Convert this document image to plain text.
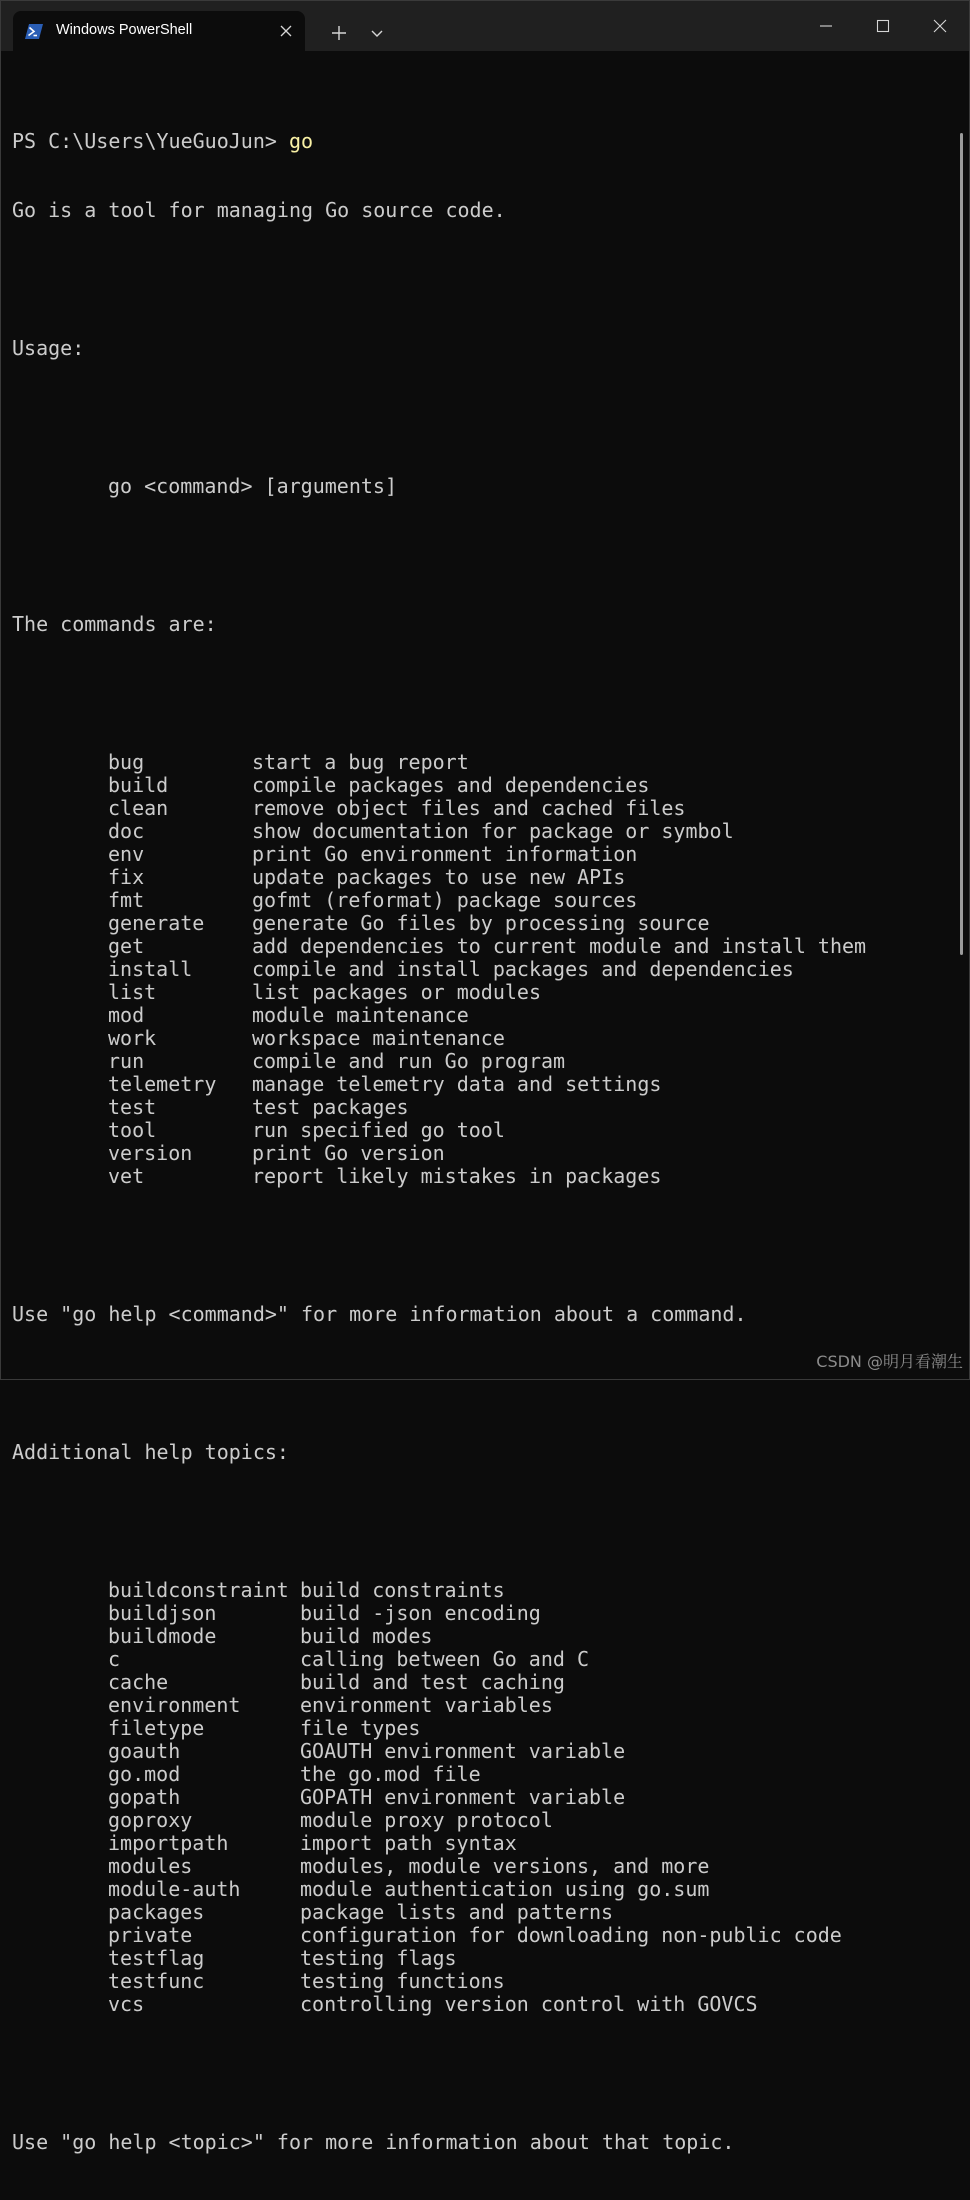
Windows PowerShell

PS C:\Users\YueGuoJun> go

Go is a tool for managing Go source code.

Usage:

go <command> [arguments]

The commands are:

bug	start a bug report
build	compile packages and dependencies
clean	remove object files and cached files
doc	show documentation for package or symbol
env	print Go environment information
fix	update packages to use new APIs
fmt	gofmt (reformat) package sources
generate generate Go files by processing source
get	add dependencies to current module and install them
install	compile and install packages and dependencies
list	list packages or modules
mod	module maintenance
work	workspace maintenance
run	compile and run Go program
telemetry manage telemetry data and settings
test	test packages
tool	run specified go tool
version	print Go version
vet	report likely mistakes in packages

Use "go help <command>" for more information about a command.

Additional help topics:

buildconstraint build constraints
buildjson	build -json encoding
buildmode	build modes
c	calling between Go and C
cache	build and test caching
environment	environment variables
filetype	file types
goauth	GOAUTH environment variable
go.mod	the go.mod file
gopath	GOPATH environment variable
goproxy	module proxy protocol
importpath	import path syntax
modules	modules, module versions, and more
module-auth	module authentication using go.sum
packages	package lists and patterns
private	configuration for downloading non-public code
testflag	testing flags
testfunc	testing functions
vcs	controlling version control with GOVCS

Use "go help <topic>" for more information about that topic.

CSDN @明月看潮生
